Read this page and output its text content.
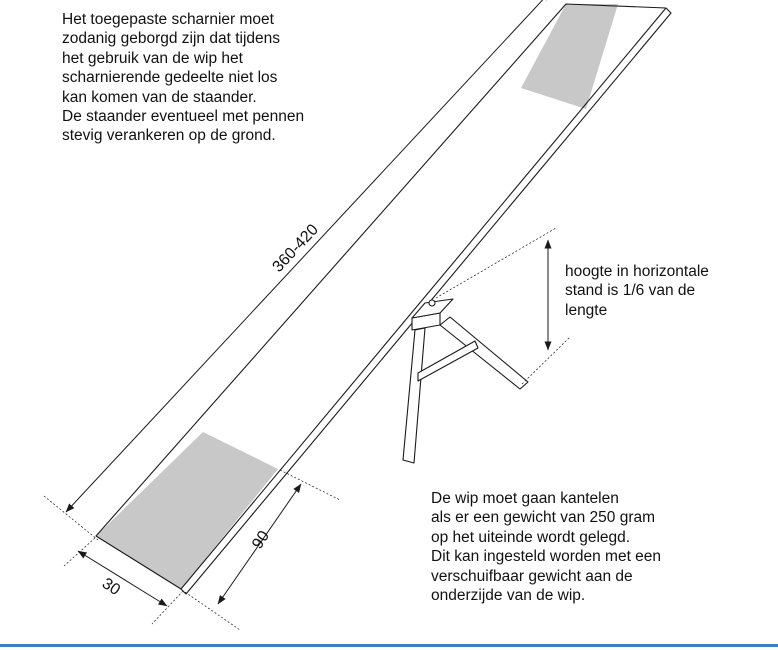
Het toegepaste scharnier moet
zodanig geborgd zijn dat tijdens
het gebruik van de wip het
scharnierende gedeelte niet los
kan komen van de staander.
De staander eventueel met pennen
stevig verankeren op de grond.
hoogte in horizontale
stand is 1/6 van de
lengte
De wip moet gaan kantelen
als er een gewicht van 250 gram
op het uiteinde wordt gelegd.
Dit kan ingesteld worden met een
verschuifbaar gewicht aan de
onderzijde van de wip.
360-420
90
30
